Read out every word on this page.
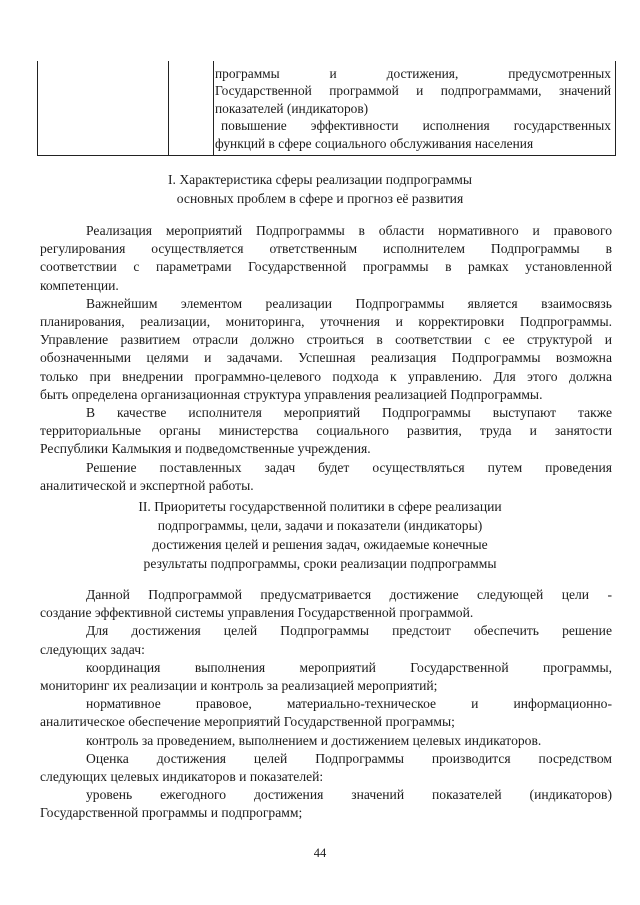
программы и достижения, предусмотренных
Государственной программой и подпрограммами, значений
показателей (индикаторов)
повышение эффективности исполнения государственных
функций в сфере социального обслуживания населения
I. Характеристика сферы реализации подпрограммы
основных проблем в сфере и прогноз её развития
Реализация мероприятий Подпрограммы в области нормативного и правового
регулирования осуществляется ответственным исполнителем Подпрограммы в
соответствии с параметрами Государственной программы в рамках установленной
компетенции.
Важнейшим элементом реализации Подпрограммы является взаимосвязь
планирования, реализации, мониторинга, уточнения и корректировки Подпрограммы.
Управление развитием отрасли должно строиться в соответствии с ее структурой и
обозначенными целями и задачами. Успешная реализация Подпрограммы возможна
только при внедрении программно-целевого подхода к управлению. Для этого должна
быть определена организационная структура управления реализацией Подпрограммы.
В качестве исполнителя мероприятий Подпрограммы выступают также
территориальные органы министерства социального развития, труда и занятости
Республики Калмыкия и подведомственные учреждения.
Решение поставленных задач будет осуществляться путем проведения
аналитической и экспертной работы.
II. Приоритеты государственной политики в сфере реализации
подпрограммы, цели, задачи и показатели (индикаторы)
достижения целей и решения задач, ожидаемые конечные
результаты подпрограммы, сроки реализации подпрограммы
Данной Подпрограммой предусматривается достижение следующей цели -
создание эффективной системы управления Государственной программой.
Для достижения целей Подпрограммы предстоит обеспечить решение
следующих задач:
координация выполнения мероприятий Государственной программы,
мониторинг их реализации и контроль за реализацией мероприятий;
нормативное правовое, материально-техническое и информационно-
аналитическое обеспечение мероприятий Государственной программы;
контроль за проведением, выполнением и достижением целевых индикаторов.
Оценка достижения целей Подпрограммы производится посредством
следующих целевых индикаторов и показателей:
уровень ежегодного достижения значений показателей (индикаторов)
Государственной программы и подпрограмм;
44
